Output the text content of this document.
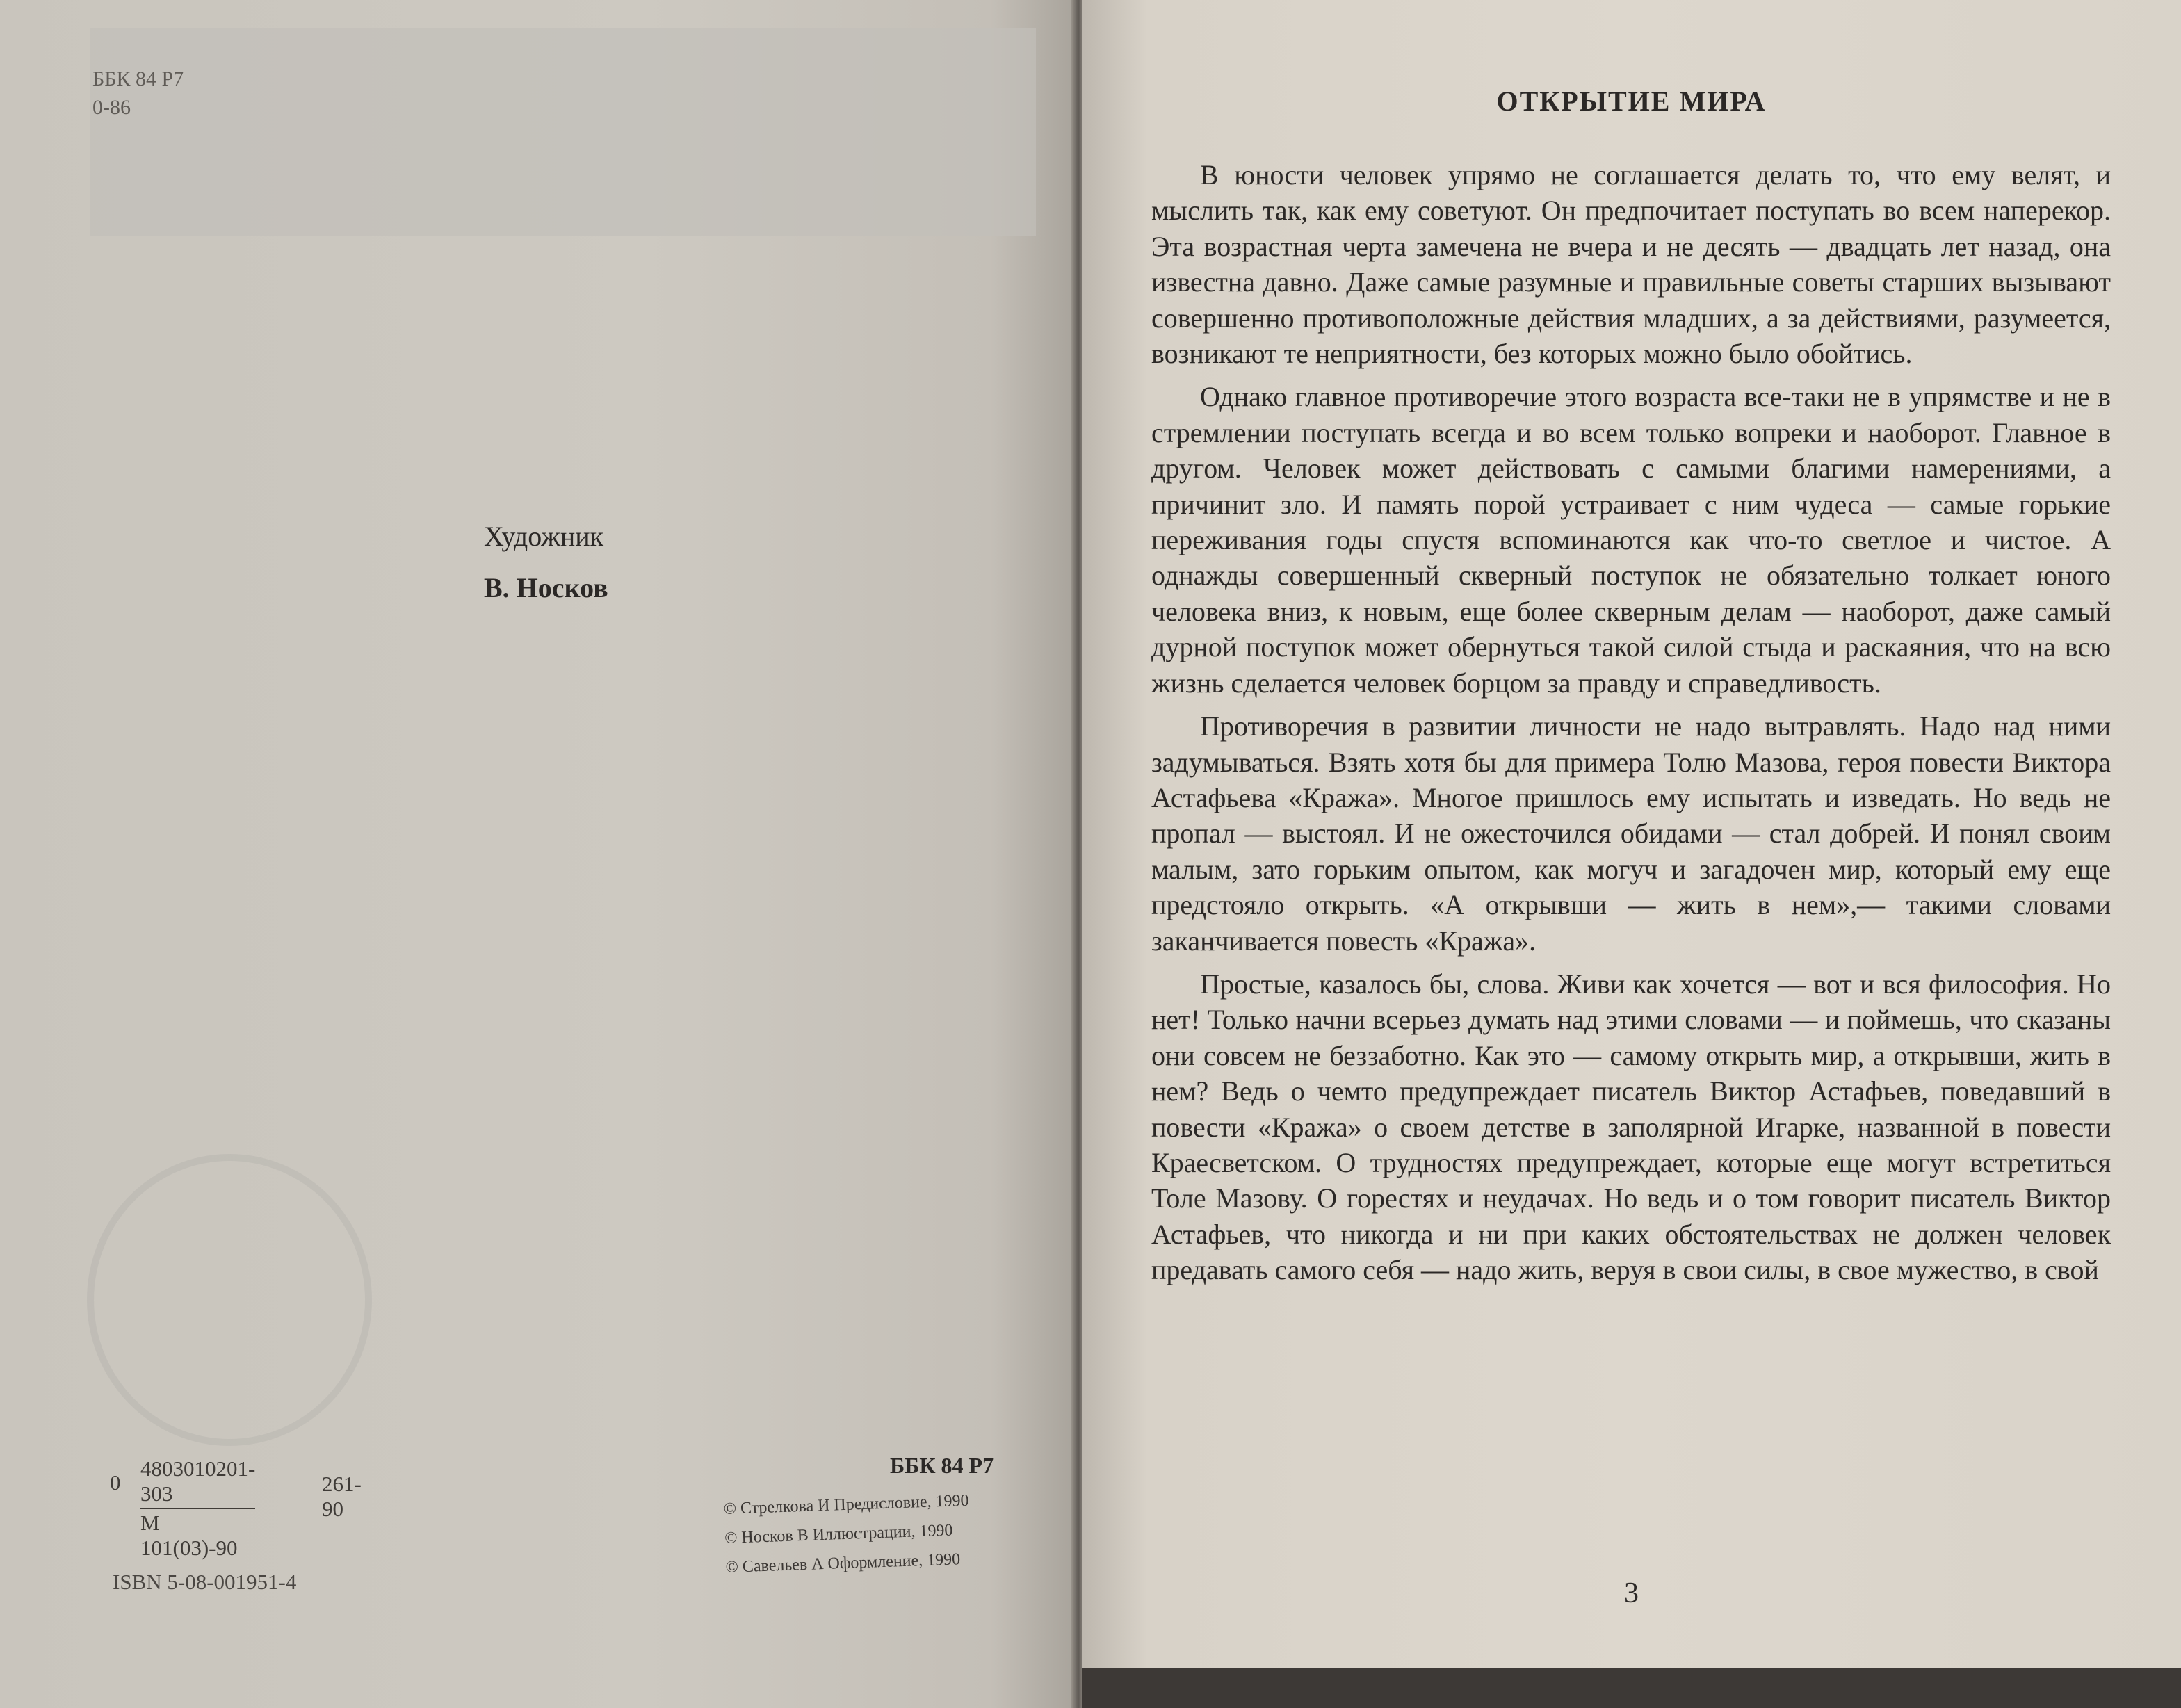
ББК 84 Р7
0-86
Художник
В. Носков
0
4803010201-303
М 101(03)-90
261-90
ISBN 5-08-001951-4
ББК 84 Р7
© Стрелкова И Предисловие, 1990
© Носков В Иллюстрации, 1990
© Савельев А Оформление, 1990
ОТКРЫТИЕ МИРА

В юности человек упрямо не соглашается делать то, что ему велят, и мыслить так, как ему советуют. Он предпочитает поступать во всем наперекор. Эта возрастная черта замечена не вчера и не десять — двадцать лет назад, она известна давно. Даже самые разумные и правильные советы старших вызывают совершенно противоположные действия младших, а за действиями, разумеется, возникают те неприятности, без которых можно было обойтись.

Однако главное противоречие этого возраста все-таки не в упрямстве и не в стремлении поступать всегда и во всем только вопреки и наоборот. Главное в другом. Человек может действовать с самыми благими намерениями, а причинит зло. И память порой устраивает с ним чудеса — самые горькие переживания годы спустя вспоминаются как что-то светлое и чистое. А однажды совершенный скверный поступок не обязательно толкает юного человека вниз, к новым, еще более скверным делам — наоборот, даже самый дурной поступок может обернуться такой силой стыда и раскаяния, что на всю жизнь сделается человек борцом за правду и справедливость.

Противоречия в развитии личности не надо вытравлять. Надо над ними задумываться. Взять хотя бы для примера Толю Мазова, героя повести Виктора Астафьева «Кража». Многое пришлось ему испытать и изведать. Но ведь не пропал — выстоял. И не ожесточился обидами — стал добрей. И понял своим малым, зато горьким опытом, как могуч и загадочен мир, который ему еще предстояло открыть. «А открывши — жить в нем»,— такими словами заканчивается повесть «Кража».

Простые, казалось бы, слова. Живи как хочется — вот и вся философия. Но нет! Только начни всерьез думать над этими словами — и поймешь, что сказаны они совсем не беззаботно. Как это — самому открыть мир, а открывши, жить в нем? Ведь о чемто предупреждает писатель Виктор Астафьев, поведавший в повести «Кража» о своем детстве в заполярной Игарке, названной в повести Краесветском. О трудностях предупреждает, которые еще могут встретиться Толе Мазову. О горестях и неудачах. Но ведь и о том говорит писатель Виктор Астафьев, что никогда и ни при каких обстоятельствах не должен человек предавать самого себя — надо жить, веруя в свои силы, в свое мужество, в свой

3
